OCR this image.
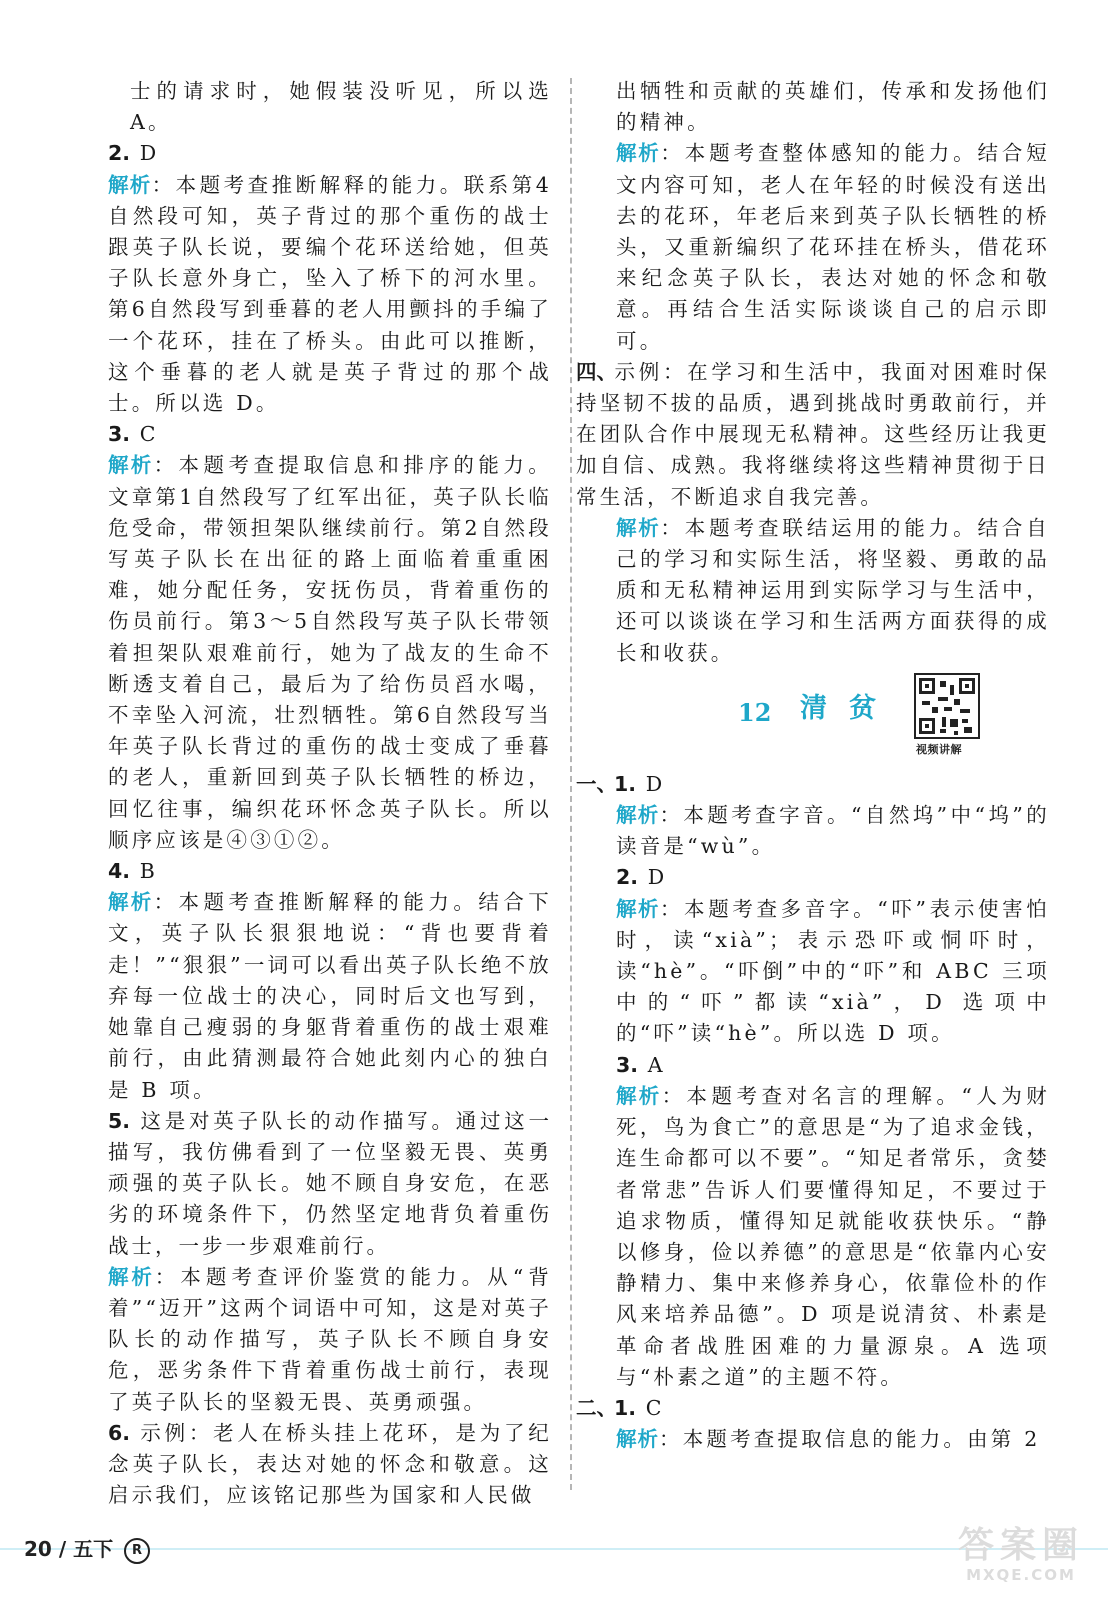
士的请求时，她假装没听见，所以选 A。

2. D

解析：本题考查推断解释的能力。联系第4自然段可知，英子背过的那个重伤的战士跟英子队长说，要编个花环送给她，但英子队长意外身亡，坠入了桥下的河水里。第6自然段写到垂暮的老人用颤抖的手编了一个花环，挂在了桥头。由此可以推断，这个垂暮的老人就是英子背过的那个战士。所以选 D。

3. C

解析：本题考查提取信息和排序的能力。文章第1自然段写了红军出征，英子队长临危受命，带领担架队继续前行。第2自然段写英子队长在出征的路上面临着重重困难，她分配任务，安抚伤员，背着重伤的伤员前行。第3～5自然段写英子队长带领着担架队艰难前行，她为了战友的生命不断透支着自己，最后为了给伤员舀水喝，不幸坠入河流，壮烈牺牲。第6自然段写当年英子队长背过的重伤的战士变成了垂暮的老人，重新回到英子队长牺牲的桥边，回忆往事，编织花环怀念英子队长。所以顺序应该是④③①②。

4. B

解析：本题考查推断解释的能力。结合下文，英子队长狠狠地说：“背也要背着走！”“狠狠”一词可以看出英子队长绝不放弃每一位战士的决心，同时后文也写到，她靠自己瘦弱的身躯背着重伤的战士艰难前行，由此猜测最符合她此刻内心的独白是 B 项。

5. 这是对英子队长的动作描写。通过这一描写，我仿佛看到了一位坚毅无畏、英勇顽强的英子队长。她不顾自身安危，在恶劣的环境条件下，仍然坚定地背负着重伤战士，一步一步艰难前行。

解析：本题考查评价鉴赏的能力。从“背着”“迈开”这两个词语中可知，这是对英子队长的动作描写，英子队长不顾自身安危，恶劣条件下背着重伤战士前行，表现了英子队长的坚毅无畏、英勇顽强。

6. 示例：老人在桥头挂上花环，是为了纪念英子队长，表达对她的怀念和敬意。这启示我们，应该铭记那些为国家和人民做

出牺牲和贡献的英雄们，传承和发扬他们的精神。

解析：本题考查整体感知的能力。结合短文内容可知，老人在年轻的时候没有送出去的花环，年老后来到英子队长牺牲的桥头，又重新编织了花环挂在桥头，借花环来纪念英子队长，表达对她的怀念和敬意。再结合生活实际谈谈自己的启示即可。

四、示例：在学习和生活中，我面对困难时保持坚韧不拔的品质，遇到挑战时勇敢前行，并在团队合作中展现无私精神。这些经历让我更加自信、成熟。我将继续将这些精神贯彻于日常生活，不断追求自我完善。

解析：本题考查联结运用的能力。结合自己的学习和实际生活，将坚毅、勇敢的品质和无私精神运用到实际学习与生活中，还可以谈谈在学习和生活两方面获得的成长和收获。

12 清贫
视频讲解

一、1. D

解析：本题考查字音。“自然坞”中“坞”的读音是“wù”。

2. D

解析：本题考查多音字。“吓”表示使害怕时，读“xià”；表示恐吓或恫吓时，读“hè”。“吓倒”中的“吓”和 ABC 三项中的“吓”都读“xià”，D 选项中的“吓”读“hè”。所以选 D 项。

3. A

解析：本题考查对名言的理解。“人为财死，鸟为食亡”的意思是“为了追求金钱，连生命都可以不要”。“知足者常乐，贪婪者常悲”告诉人们要懂得知足，不要过于追求物质，懂得知足就能收获快乐。“静以修身，俭以养德”的意思是“依靠内心安静精力、集中来修养身心，依靠俭朴的作风来培养品德”。D 项是说清贫、朴素是革命者战胜困难的力量源泉。A 选项与“朴素之道”的主题不符。

二、1. C

解析：本题考查提取信息的能力。由第 2

20 / 五下 R	答案圈
MXQE.COM
